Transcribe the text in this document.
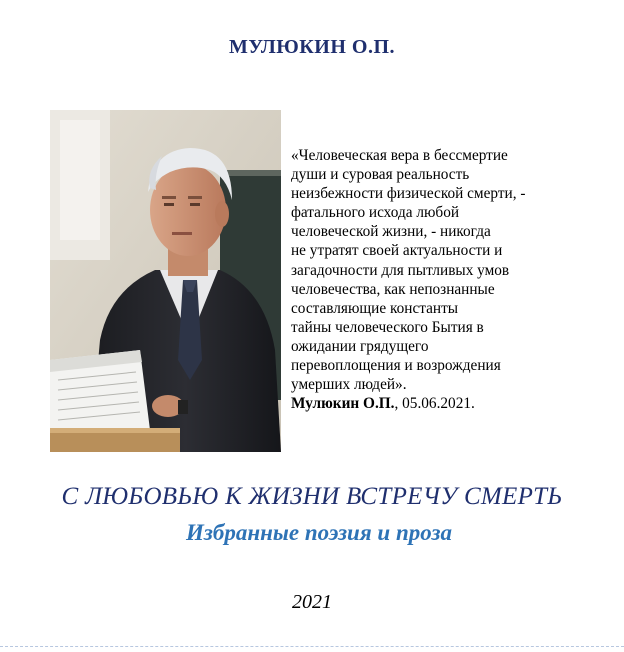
МУЛЮКИН О.П.
«Человеческая вера в бессмертие
души и суровая реальность
неизбежности физической смерти, -
фатального исхода любой
человеческой жизни, - никогда
не утратят своей актуальности и
загадочности для пытливых умов
человечества, как непознанные
составляющие константы
тайны человеческого Бытия в
ожидании грядущего
перевоплощения и возрождения
умерших людей».
Мулюкин О.П., 05.06.2021.
С ЛЮБОВЬЮ К ЖИЗНИ ВСТРЕЧУ СМЕРТЬ
Избранные поэзия и проза
2021
